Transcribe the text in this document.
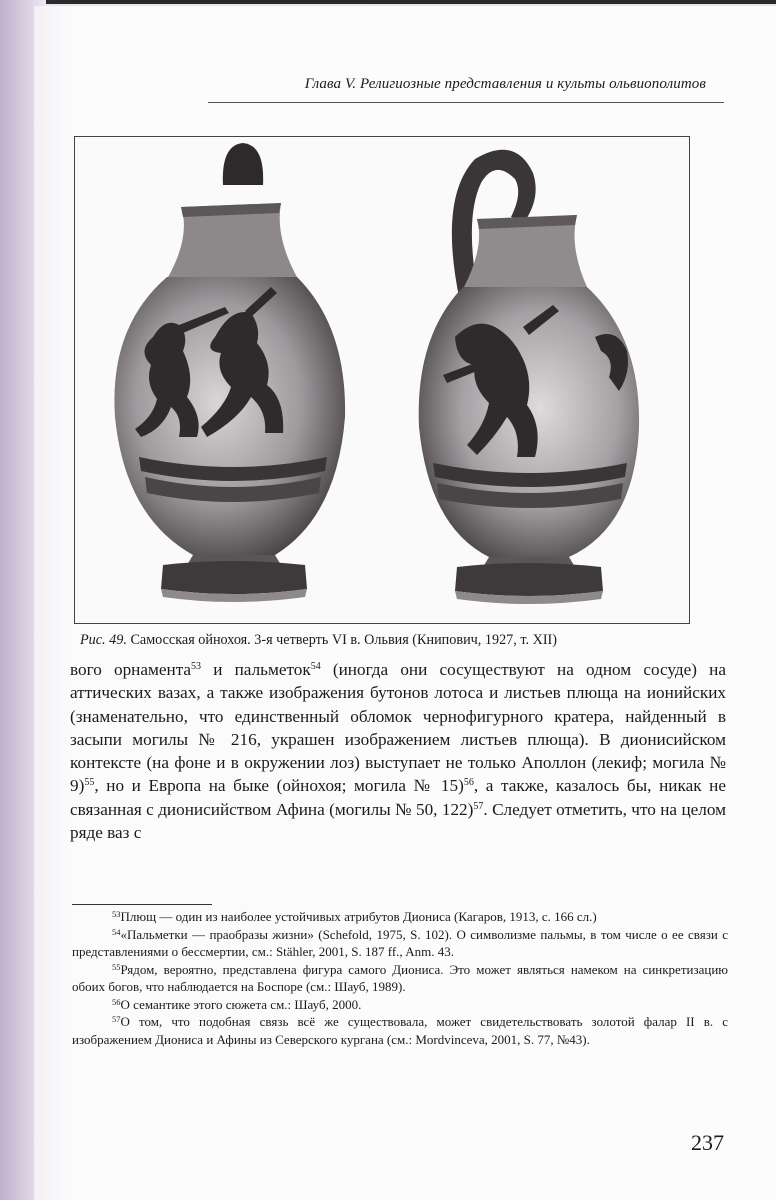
Глава V. Религиозные представления и культы ольвиополитов
Рис. 49. Самосская ойнохоя. 3-я четверть VI в. Ольвия (Книпович, 1927, т. XII)

вого орнамента$^{53}$ и пальметок$^{54}$ (иногда они сосуществуют на одном сосуде) на аттических вазах, а также изображения бутонов лотоса и листьев плюща на ионийских (знаменательно, что единственный обломок чернофигурного кратера, найденный в засыпи могилы № 216, украшен изображением листьев плюща). В дионисийском контексте (на фоне и в окружении лоз) выступает не только Аполлон (лекиф; могила № 9)$^{55}$, но и Европа на быке (ойнохоя; могила № 15)$^{56}$, а также, казалось бы, никак не связанная с дионисийством Афина (могилы № 50, 122)$^{57}$. Следует отметить, что на целом ряде ваз с

$^{53}$Плющ — один из наиболее устойчивых атрибутов Диониса (Кагаров, 1913, с. 166 сл.)

$^{54}$«Пальметки — праобразы жизни» (Schefold, 1975, S. 102). О символизме пальмы, в том числе о ее связи с представлениями о бессмертии, см.: Stähler, 2001, S. 187 ff., Anm. 43.

$^{55}$Рядом, вероятно, представлена фигура самого Диониса. Это может являться намеком на синкретизацию обоих богов, что наблюдается на Боспоре (см.: Шауб, 1989).

$^{56}$О семантике этого сюжета см.: Шауб, 2000.

$^{57}$О том, что подобная связь всё же существовала, может свидетельствовать золотой фалар II в. с изображением Диониса и Афины из Северского кургана (см.: Mordvinceva, 2001, S. 77, №43).

237
